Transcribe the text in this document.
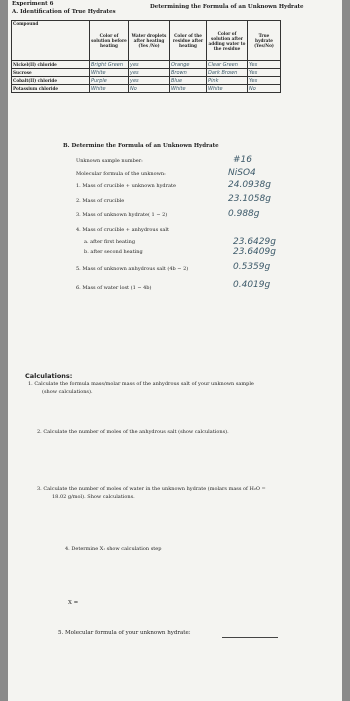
Experiment 6
A. Identification of True Hydrates
Determining the Formula of an Unknown Hydrate
Compound	Color of solution before heating	Water droplets after heating (Yes /No)	Color of the residue after heating	Color of solution after adding water to the residue	True hydrate (Yes/No)
Nickel(II) chloride	Bright Green	yes	Orange	Clear Green	Yes
Sucrose	White	yes	Brown	Dark Brown	Yes
Cobalt(II) chloride	Purple	yes	Blue	Pink	Yes
Potassium chloride	White	No	White	White	No
B. Determine the Formula of an Unknown Hydrate
Unknown sample number:	#16
Molecular formula of the unknown:	NiSO4
1. Mass of crucible + unknown hydrate	24.0938g
2. Mass of crucible	23.1058g
3. Mass of unknown hydrate( 1 − 2)	0.988g
4. Mass of crucible + anhydrous salt
a. after first heating	23.6429g
b. after second heating	23.6409g
5. Mass of unknown anhydrous salt (4b − 2)	0.5359g
6. Mass of water lost (1 − 4b)	0.4019g
Calculations:
1. Calculate the formula mass/molar mass of the anhydrous salt of your unknown sample
(show calculations).
2. Calculate the number of moles of the anhydrous salt (show calculations).
3. Calculate the number of moles of water in the unknown hydrate (molars mass of H₂O =
18.02 g/mol). Show calculations.
4. Determine X: show calculation step
X =
5. Molecular formula of your unknown hydrate:
